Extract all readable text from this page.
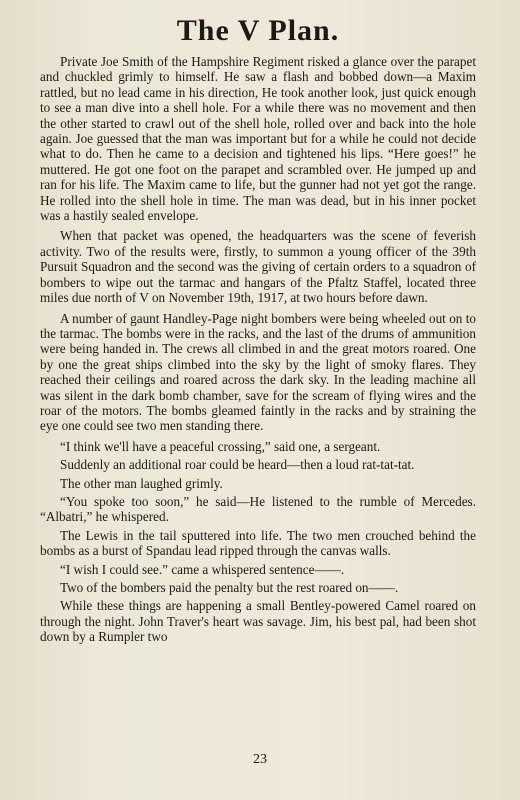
The V Plan.

Private Joe Smith of the Hampshire Regiment risked a glance over the parapet and chuckled grimly to himself. He saw a flash and bobbed down—a Maxim rattled, but no lead came in his direction, He took another look, just quick enough to see a man dive into a shell hole. For a while there was no movement and then the other started to crawl out of the shell hole, rolled over and back into the hole again. Joe guessed that the man was important but for a while he could not decide what to do. Then he came to a decision and tightened his lips. “Here goes!” he muttered. He got one foot on the parapet and scrambled over. He jumped up and ran for his life. The Maxim came to life, but the gunner had not yet got the range. He rolled into the shell hole in time. The man was dead, but in his inner pocket was a hastily sealed envelope.

When that packet was opened, the headquarters was the scene of feverish activity. Two of the results were, firstly, to summon a young officer of the 39th Pursuit Squadron and the second was the giving of certain orders to a squadron of bombers to wipe out the tarmac and hangars of the Pfaltz Staffel, located three miles due north of V on November 19th, 1917, at two hours before dawn.

A number of gaunt Handley-Page night bombers were being wheeled out on to the tarmac. The bombs were in the racks, and the last of the drums of ammunition were being handed in. The crews all climbed in and the great motors roared. One by one the great ships climbed into the sky by the light of smoky flares. They reached their ceilings and roared across the dark sky. In the leading machine all was silent in the dark bomb chamber, save for the scream of flying wires and the roar of the motors. The bombs gleamed faintly in the racks and by straining the eye one could see two men standing there.

“I think we'll have a peaceful crossing,” said one, a sergeant.

Suddenly an additional roar could be heard—then a loud rat-tat-tat.

The other man laughed grimly.

“You spoke too soon,” he said—He listened to the rumble of Mercedes. “Albatri,” he whispered.

The Lewis in the tail sputtered into life. The two men crouched behind the bombs as a burst of Spandau lead ripped through the canvas walls.

“I wish I could see.” came a whispered sentence——.

Two of the bombers paid the penalty but the rest roared on——.

While these things are happening a small Bentley-powered Camel roared on through the night. John Traver's heart was savage. Jim, his best pal, had been shot down by a Rumpler two

23
